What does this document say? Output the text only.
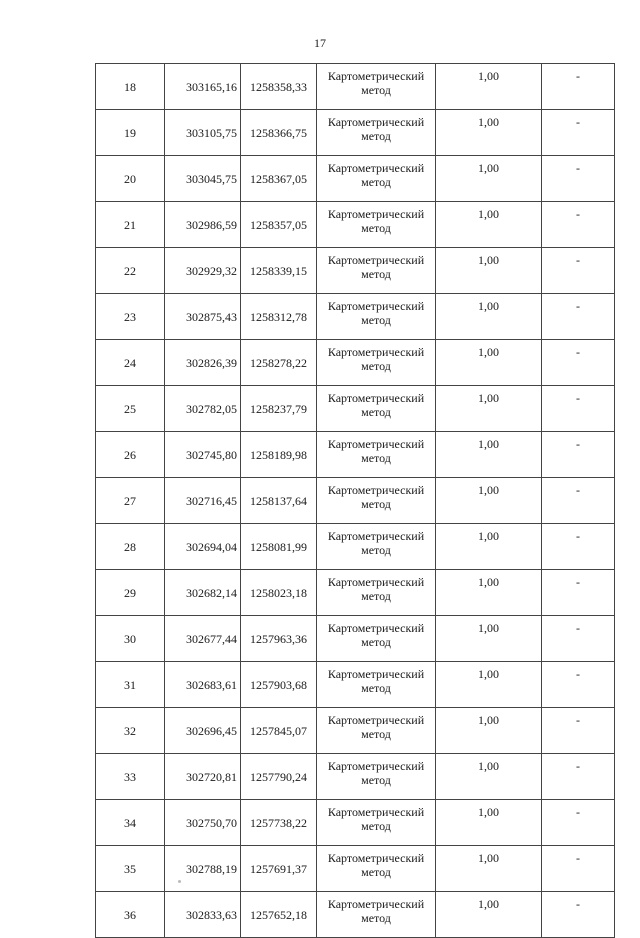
17
18	303165,16	1258358,33	Картометрический метод	1,00	-
19	303105,75	1258366,75	Картометрический метод	1,00	-
20	303045,75	1258367,05	Картометрический метод	1,00	-
21	302986,59	1258357,05	Картометрический метод	1,00	-
22	302929,32	1258339,15	Картометрический метод	1,00	-
23	302875,43	1258312,78	Картометрический метод	1,00	-
24	302826,39	1258278,22	Картометрический метод	1,00	-
25	302782,05	1258237,79	Картометрический метод	1,00	-
26	302745,80	1258189,98	Картометрический метод	1,00	-
27	302716,45	1258137,64	Картометрический метод	1,00	-
28	302694,04	1258081,99	Картометрический метод	1,00	-
29	302682,14	1258023,18	Картометрический метод	1,00	-
30	302677,44	1257963,36	Картометрический метод	1,00	-
31	302683,61	1257903,68	Картометрический метод	1,00	-
32	302696,45	1257845,07	Картометрический метод	1,00	-
33	302720,81	1257790,24	Картометрический метод	1,00	-
34	302750,70	1257738,22	Картометрический метод	1,00	-
35	302788,19	1257691,37	Картометрический метод	1,00	-
36	302833,63	1257652,18	Картометрический метод	1,00	-
